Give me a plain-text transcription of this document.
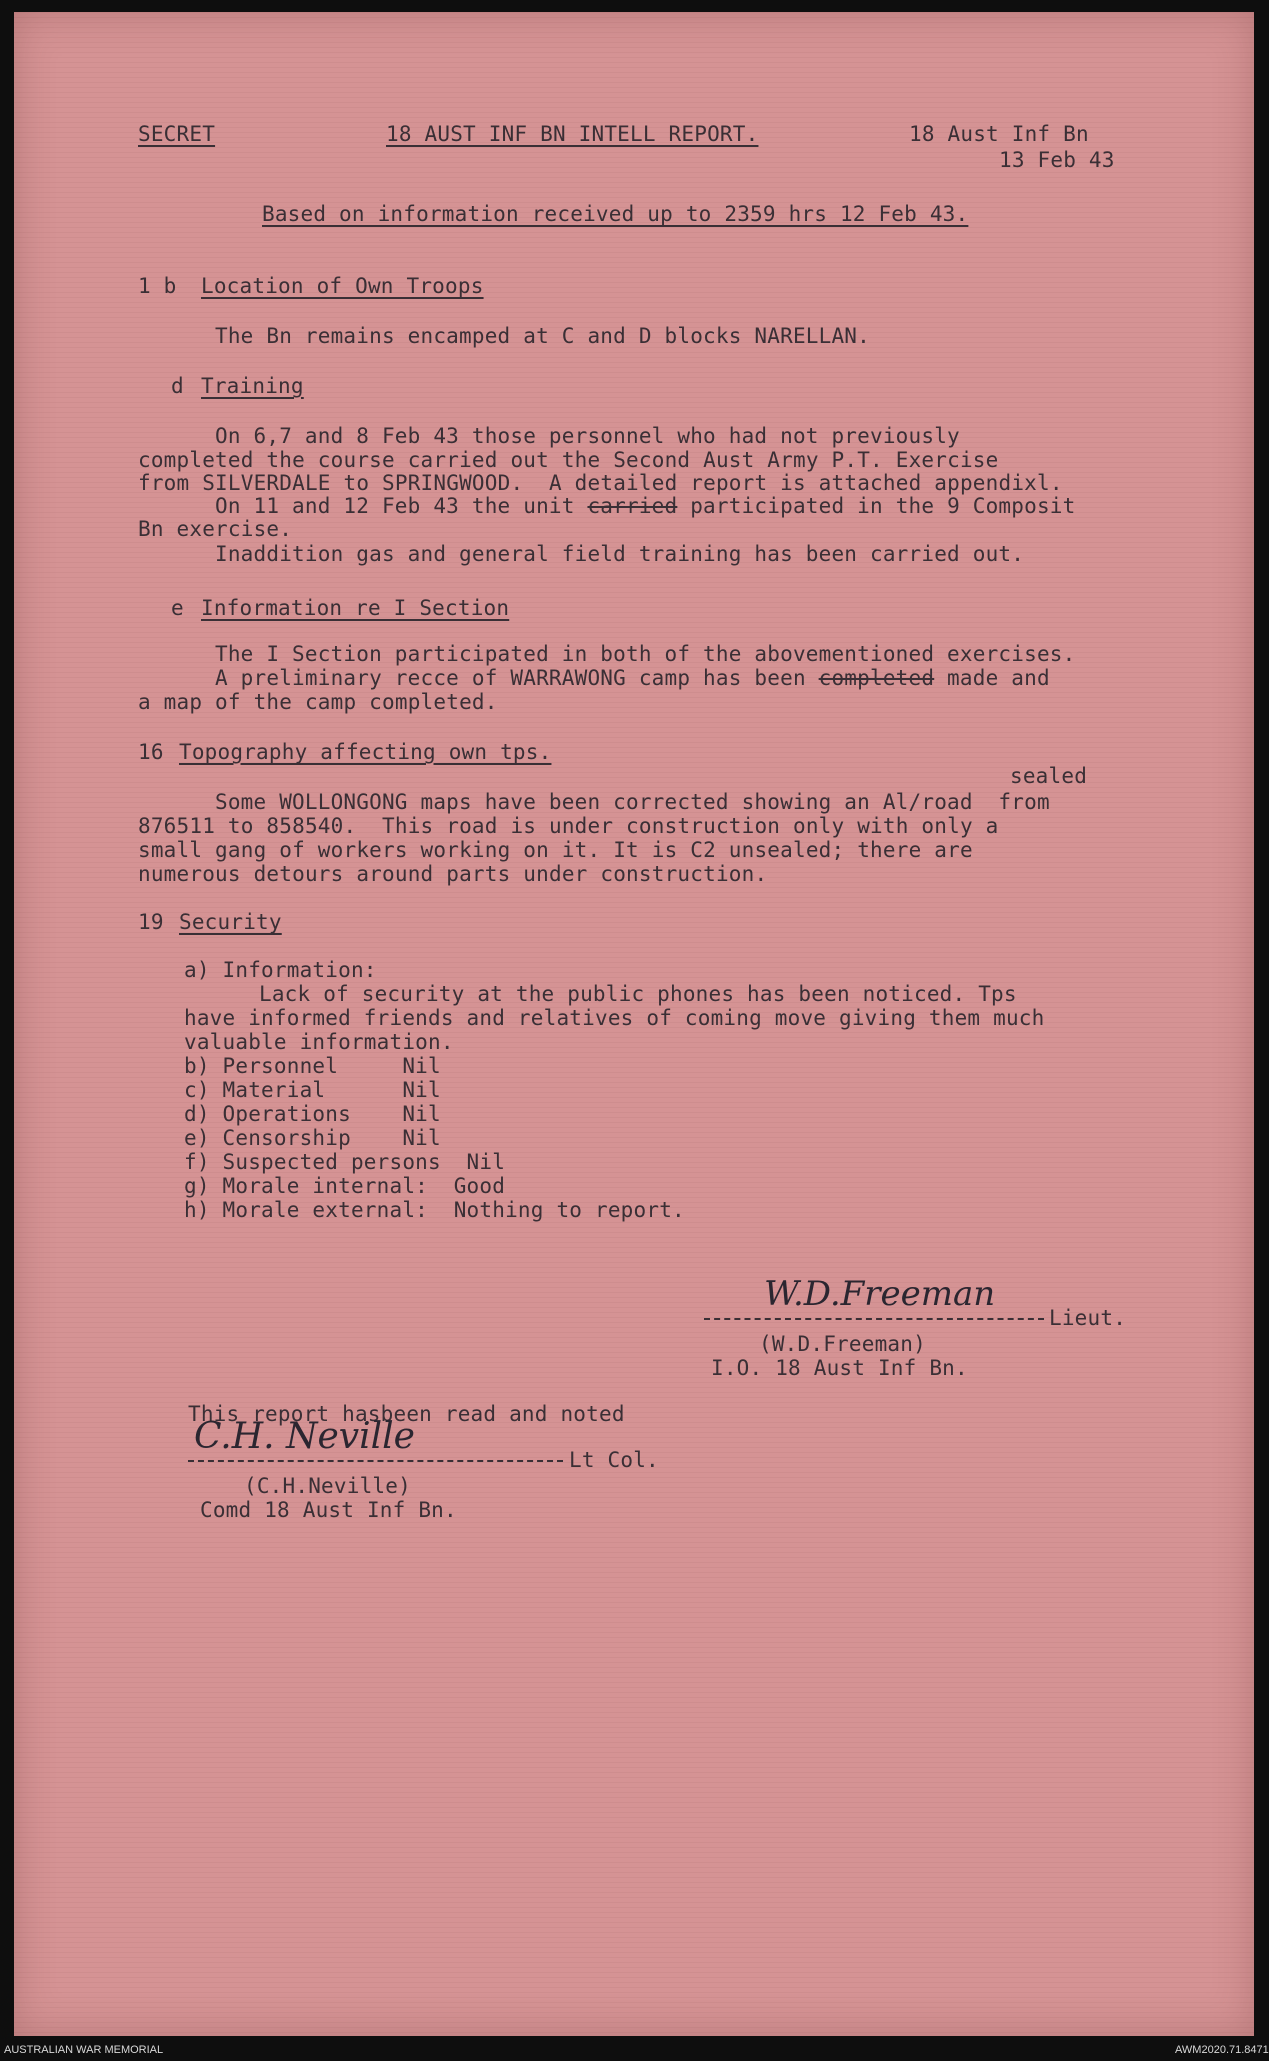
SECRET	18 AUST INF BN INTELL REPORT.	18 Aust Inf Bn
13 Feb 43
Based on information received up to 2359 hrs 12 Feb 43.
1 b Location of Own Troops
The Bn remains encamped at C and D blocks NARELLAN.
d Training
On 6,7 and 8 Feb 43 those personnel who had not previously
completed the course carried out the Second Aust Army P.T. Exercise
from SILVERDALE to SPRINGWOOD.  A detailed report is attached appendixl.
On 11 and 12 Feb 43 the unit carried participated in the 9 Composit
Bn exercise.
Inaddition gas and general field training has been carried out.
e Information re I Section
The I Section participated in both of the abovementioned exercises.
A preliminary recce of WARRAWONG camp has been completed made and
a map of the camp completed.
16 Topography affecting own tps.
sealed
Some WOLLONGONG maps have been corrected showing an Al/road  from
876511 to 858540.  This road is under construction only with only a
small gang of workers working on it. It is C2 unsealed; there are
numerous detours around parts under construction.
19 Security
a) Information:
Lack of security at the public phones has been noticed. Tps
have informed friends and relatives of coming move giving them much
valuable information.
b) Personnel     Nil
c) Material      Nil
d) Operations    Nil
e) Censorship    Nil
f) Suspected persons  Nil
g) Morale internal:  Good
h) Morale external:  Nothing to report.
W.D.Freeman
Lieut.
(W.D.Freeman)
I.O. 18 Aust Inf Bn.
This report hasbeen read and noted
C.H. Neville
Lt Col.
(C.H.Neville)
Comd 18 Aust Inf Bn.
AUSTRALIAN WAR MEMORIAL	AWM2020.71.8471
